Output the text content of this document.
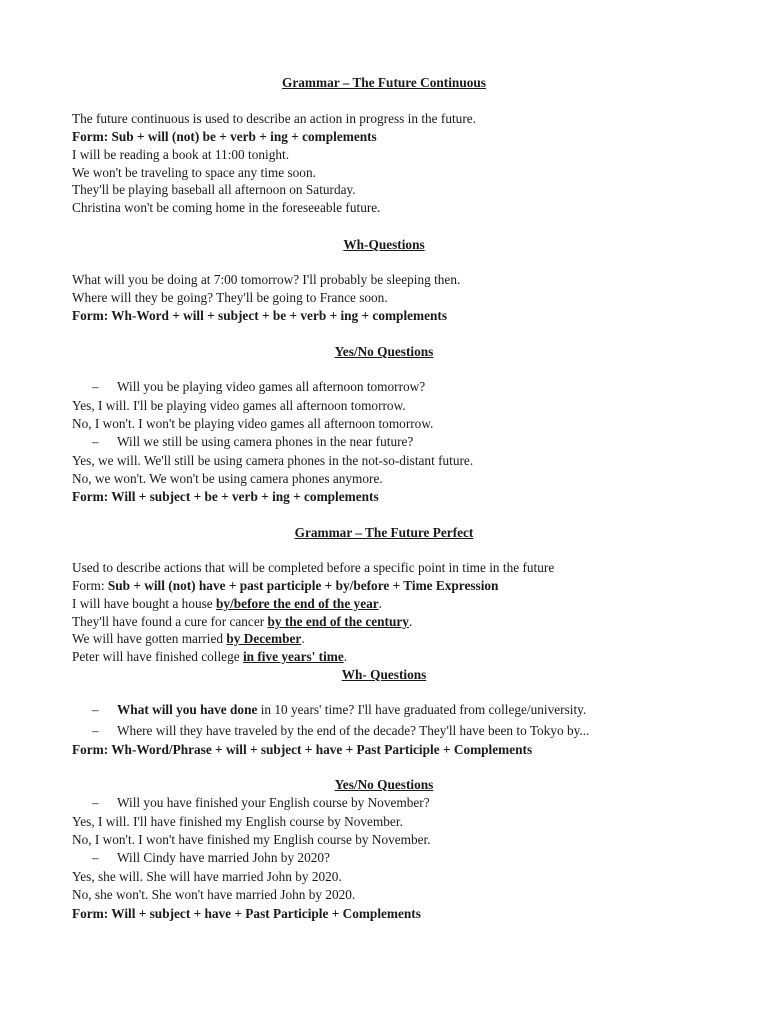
Grammar – The Future Continuous
The future continuous is used to describe an action in progress in the future.
Form: Sub + will (not) be + verb + ing + complements
I will be reading a book at 11:00 tonight.
We won't be traveling to space any time soon.
They'll be playing baseball all afternoon on Saturday.
Christina won't be coming home in the foreseeable future.
Wh-Questions
What will you be doing at 7:00 tomorrow? I'll probably be sleeping then.
Where will they be going? They'll be going to France soon.
Form: Wh-Word + will + subject + be + verb + ing + complements
Yes/No Questions
– Will you be playing video games all afternoon tomorrow?
Yes, I will. I'll be playing video games all afternoon tomorrow.
No, I won't. I won't be playing video games all afternoon tomorrow.
– Will we still be using camera phones in the near future?
Yes, we will. We'll still be using camera phones in the not-so-distant future.
No, we won't. We won't be using camera phones anymore.
Form: Will + subject + be + verb + ing + complements
Grammar – The Future Perfect
Used to describe actions that will be completed before a specific point in time in the future
Form: Sub + will (not) have + past participle + by/before + Time Expression
I will have bought a house by/before the end of the year.
They'll have found a cure for cancer by the end of the century.
We will have gotten married by December.
Peter will have finished college in five years' time.
Wh- Questions
– What will you have done in 10 years' time? I'll have graduated from college/university.
– Where will they have traveled by the end of the decade? They'll have been to Tokyo by...
Form: Wh-Word/Phrase + will + subject + have + Past Participle + Complements
Yes/No Questions
– Will you have finished your English course by November?
Yes, I will. I'll have finished my English course by November.
No, I won't. I won't have finished my English course by November.
– Will Cindy have married John by 2020?
Yes, she will. She will have married John by 2020.
No, she won't. She won't have married John by 2020.
Form: Will + subject + have + Past Participle + Complements
